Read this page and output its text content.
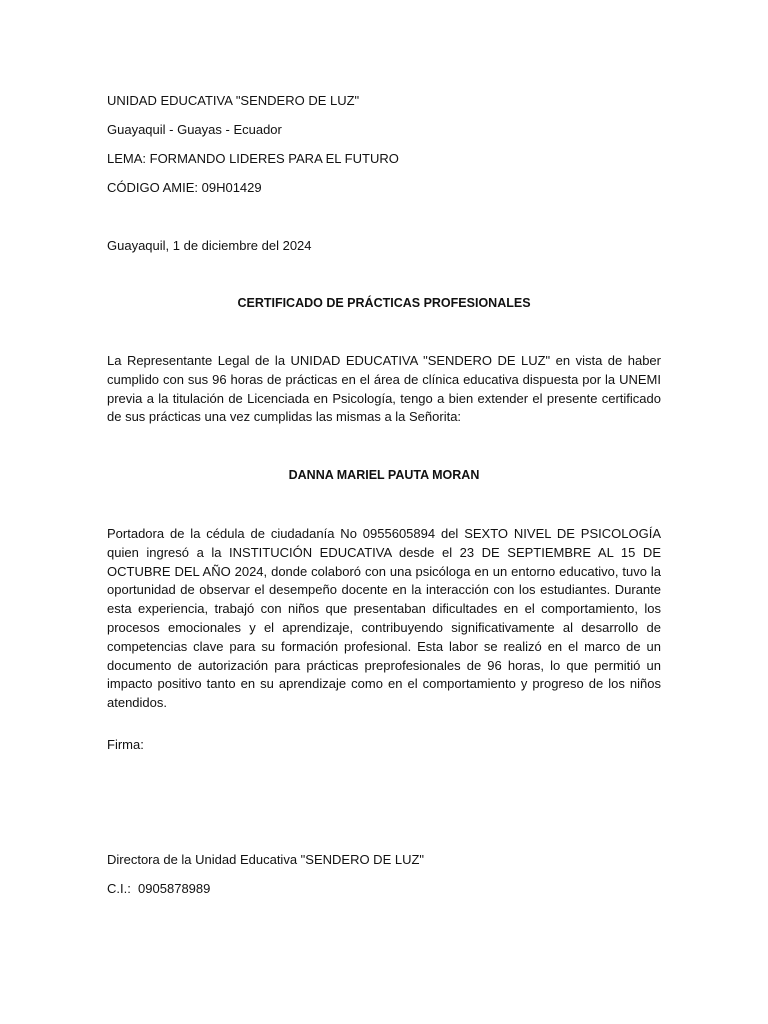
UNIDAD EDUCATIVA "SENDERO DE LUZ"
Guayaquil - Guayas - Ecuador
LEMA: FORMANDO LIDERES PARA EL FUTURO
CÓDIGO AMIE: 09H01429
Guayaquil, 1 de diciembre del 2024
CERTIFICADO DE PRÁCTICAS PROFESIONALES
La Representante Legal de la UNIDAD EDUCATIVA "SENDERO DE LUZ" en vista de haber cumplido con sus 96 horas de prácticas en el área de clínica educativa dispuesta por la UNEMI previa a la titulación de Licenciada en Psicología, tengo a bien extender el presente certificado de sus prácticas una vez cumplidas las mismas a la Señorita:
DANNA MARIEL PAUTA MORAN
Portadora de la cédula de ciudadanía No 0955605894 del SEXTO NIVEL DE PSICOLOGÍA quien ingresó a la INSTITUCIÓN EDUCATIVA desde el 23 DE SEPTIEMBRE AL 15 DE OCTUBRE DEL AÑO 2024, donde colaboró con una psicóloga en un entorno educativo, tuvo la oportunidad de observar el desempeño docente en la interacción con los estudiantes. Durante esta experiencia, trabajó con niños que presentaban dificultades en el comportamiento, los procesos emocionales y el aprendizaje, contribuyendo significativamente al desarrollo de competencias clave para su formación profesional. Esta labor se realizó en el marco de un documento de autorización para prácticas preprofesionales de 96 horas, lo que permitió un impacto positivo tanto en su aprendizaje como en el comportamiento y progreso de los niños atendidos.
Firma:
Directora de la Unidad Educativa "SENDERO DE LUZ"
C.I.:  0905878989
